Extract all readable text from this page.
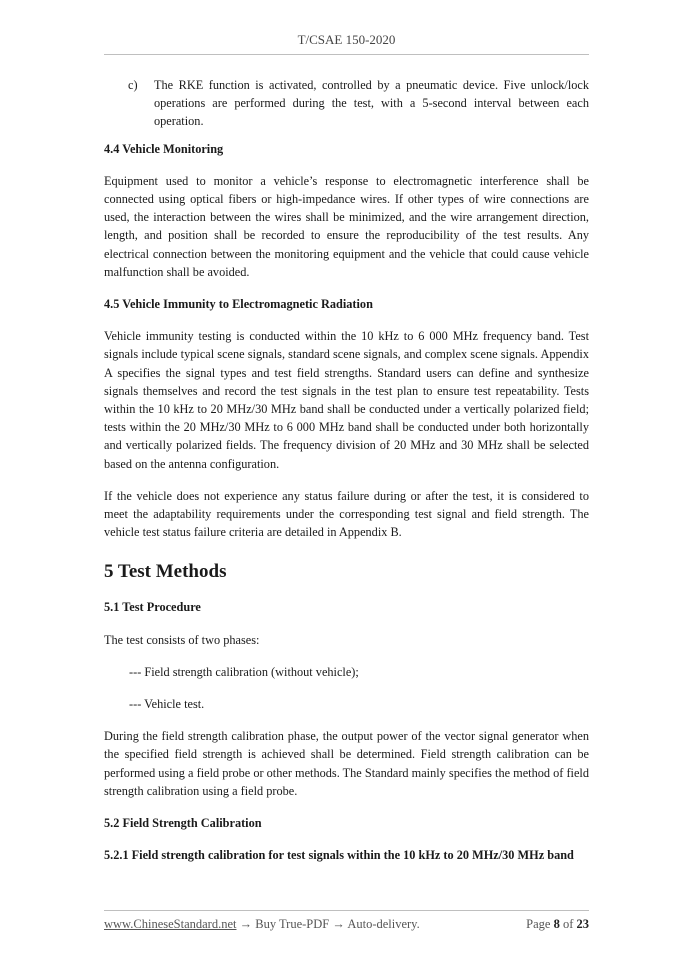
T/CSAE 150-2020
c)	The RKE function is activated, controlled by a pneumatic device. Five unlock/lock operations are performed during the test, with a 5-second interval between each operation.

4.4 Vehicle Monitoring

Equipment used to monitor a vehicle’s response to electromagnetic interference shall be connected using optical fibers or high-impedance wires. If other types of wire connections are used, the interaction between the wires shall be minimized, and the wire arrangement direction, length, and position shall be recorded to ensure the reproducibility of the test results. Any electrical connection between the monitoring equipment and the vehicle that could cause vehicle malfunction shall be avoided.

4.5 Vehicle Immunity to Electromagnetic Radiation

Vehicle immunity testing is conducted within the 10 kHz to 6 000 MHz frequency band. Test signals include typical scene signals, standard scene signals, and complex scene signals. Appendix A specifies the signal types and test field strengths. Standard users can define and synthesize signals themselves and record the test signals in the test plan to ensure test repeatability. Tests within the 10 kHz to 20 MHz/30 MHz band shall be conducted under a vertically polarized field; tests within the 20 MHz/30 MHz to 6 000 MHz band shall be conducted under both horizontally and vertically polarized fields. The frequency division of 20 MHz and 30 MHz shall be selected based on the antenna configuration.

If the vehicle does not experience any status failure during or after the test, it is considered to meet the adaptability requirements under the corresponding test signal and field strength. The vehicle test status failure criteria are detailed in Appendix B.

5 Test Methods

5.1 Test Procedure

The test consists of two phases:

--- Field strength calibration (without vehicle);

--- Vehicle test.

During the field strength calibration phase, the output power of the vector signal generator when the specified field strength is achieved shall be determined. Field strength calibration can be performed using a field probe or other methods. The Standard mainly specifies the method of field strength calibration using a field probe.

5.2 Field Strength Calibration

5.2.1 Field strength calibration for test signals within the 10 kHz to 20 MHz/30 MHz band

www.ChineseStandard.net → Buy True-PDF → Auto-delivery.	Page 8 of 23
